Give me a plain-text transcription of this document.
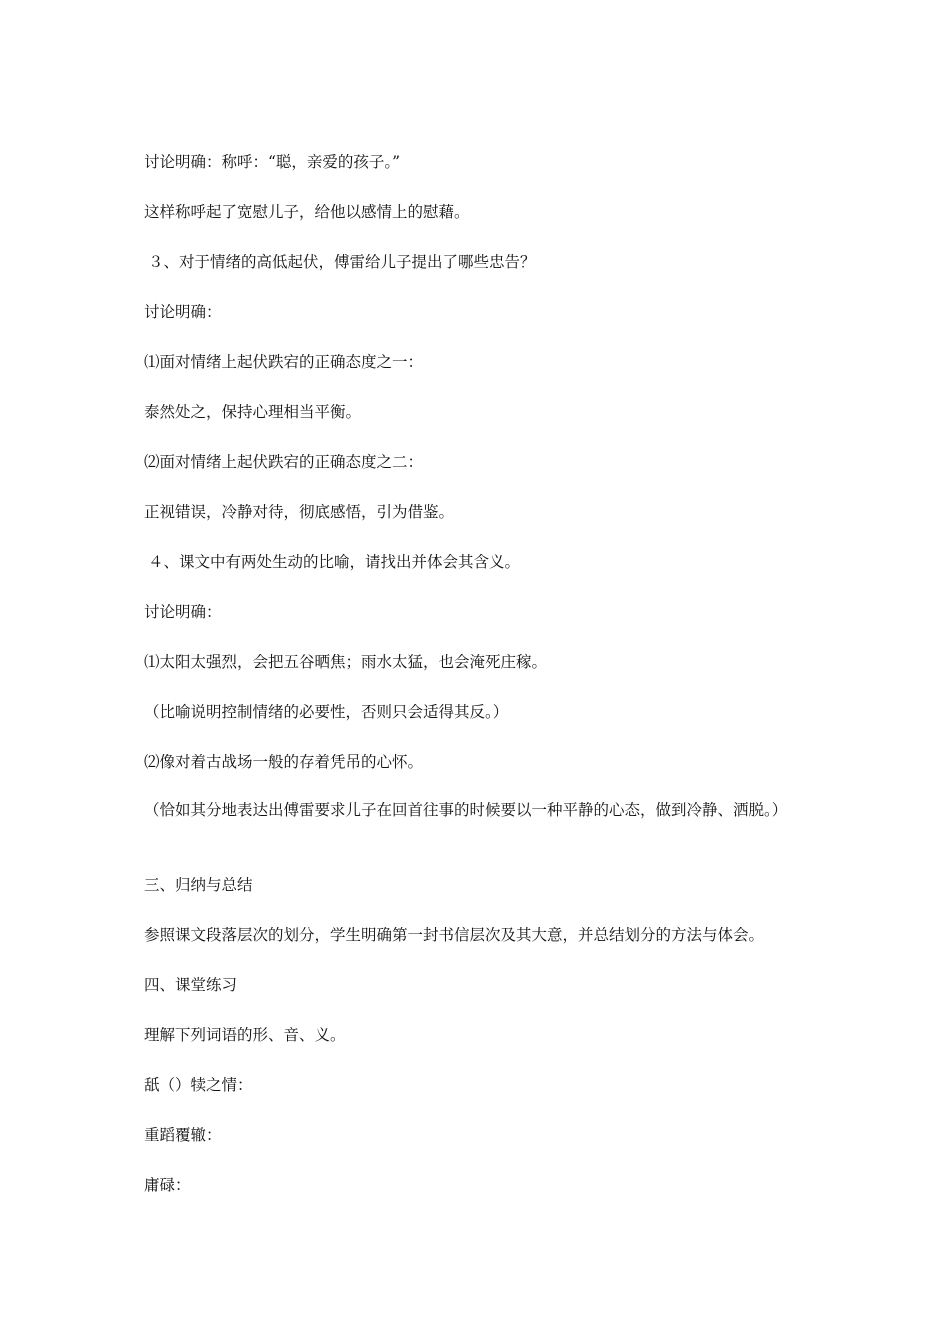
讨论明确：称呼：“聪，亲爱的孩子。”
这样称呼起了宽慰儿子，给他以感情上的慰藉。
３、对于情绪的高低起伏，傅雷给儿子提出了哪些忠告？
讨论明确：
⑴面对情绪上起伏跌宕的正确态度之一：
泰然处之，保持心理相当平衡。
⑵面对情绪上起伏跌宕的正确态度之二：
正视错误，冷静对待，彻底感悟，引为借鉴。
４、课文中有两处生动的比喻，请找出并体会其含义。
讨论明确：
⑴太阳太强烈，会把五谷晒焦；雨水太猛，也会淹死庄稼。
（比喻说明控制情绪的必要性，否则只会适得其反。）
⑵像对着古战场一般的存着凭吊的心怀。
（恰如其分地表达出傅雷要求儿子在回首往事的时候要以一种平静的心态，做到冷静、洒脱。）
三、归纳与总结
参照课文段落层次的划分，学生明确第一封书信层次及其大意，并总结划分的方法与体会。
四、课堂练习
理解下列词语的形、音、义。
舐（）犊之情：
重蹈覆辙：
庸碌：
